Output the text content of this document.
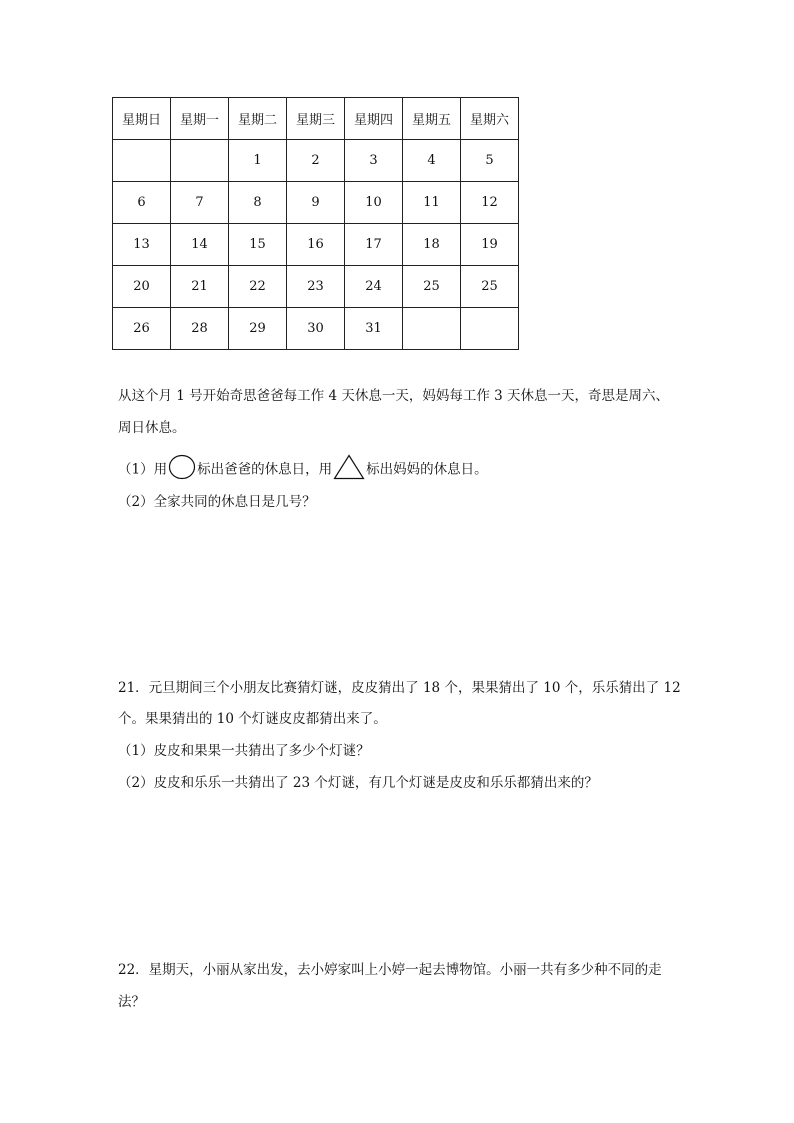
星期日	星期一	星期二	星期三	星期四	星期五	星期六
		1	2	3	4	5
6	7	8	9	10	11	12
13	14	15	16	17	18	19
20	21	22	23	24	25	25
26	28	29	30	31		
从这个月 1 号开始奇思爸爸每工作 4 天休息一天，妈妈每工作 3 天休息一天，奇思是周六、
周日休息。
（1）用 标出爸爸的休息日，用	标出妈妈的休息日。
（2）全家共同的休息日是几号？
21．元旦期间三个小朋友比赛猜灯谜，皮皮猜出了 18 个，果果猜出了 10 个，乐乐猜出了 12
个。果果猜出的 10 个灯谜皮皮都猜出来了。
（1）皮皮和果果一共猜出了多少个灯谜？
（2）皮皮和乐乐一共猜出了 23 个灯谜，有几个灯谜是皮皮和乐乐都猜出来的？
22．星期天，小丽从家出发，去小婷家叫上小婷一起去博物馆。小丽一共有多少种不同的走
法？
